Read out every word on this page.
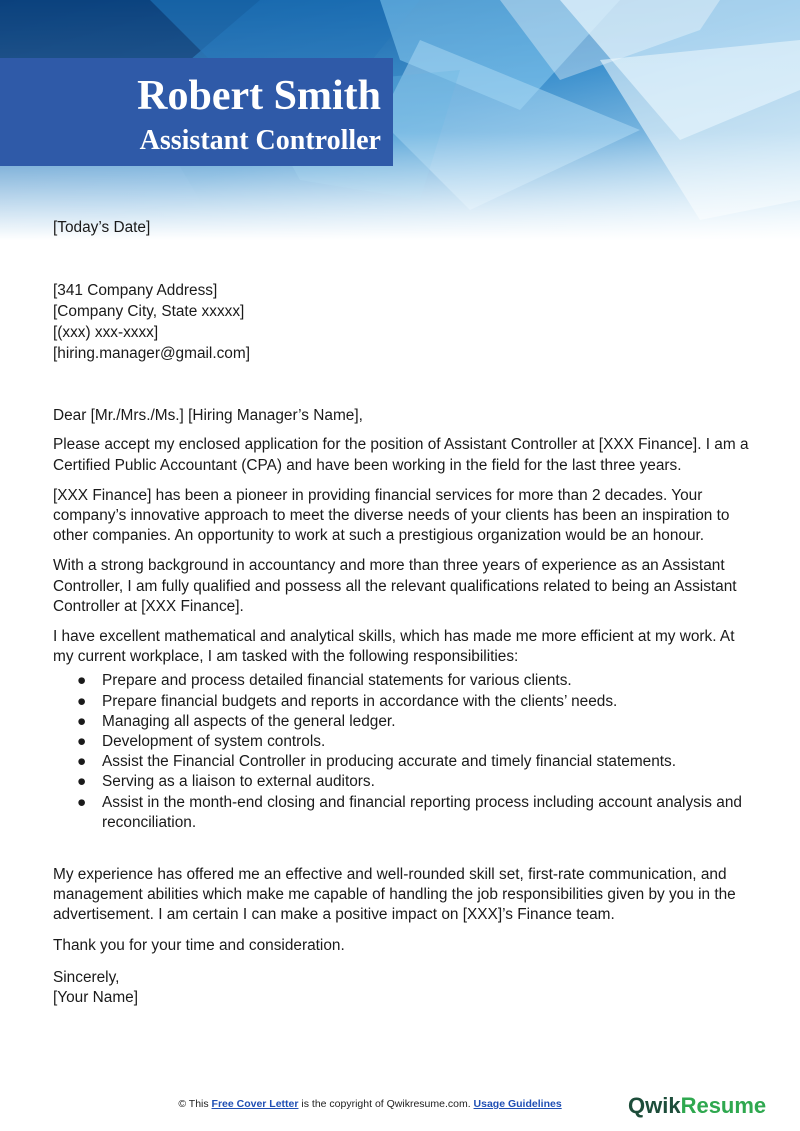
Robert Smith
Assistant Controller

[Today’s Date]

[341 Company Address]
[Company City, State xxxxx]
[(xxx) xxx-xxxx]
[hiring.manager@gmail.com]

Dear [Mr./Mrs./Ms.] [Hiring Manager’s Name],

Please accept my enclosed application for the position of Assistant Controller at [XXX Finance]. I am a Certified Public Accountant (CPA) and have been working in the field for the last three years.

[XXX Finance] has been a pioneer in providing financial services for more than 2 decades. Your company’s innovative approach to meet the diverse needs of your clients has been an inspiration to other companies. An opportunity to work at such a prestigious organization would be an honour.

With a strong background in accountancy and more than three years of experience as an Assistant Controller, I am fully qualified and possess all the relevant qualifications related to being an Assistant Controller at [XXX Finance].

I have excellent mathematical and analytical skills, which has made me more efficient at my work. At my current workplace, I am tasked with the following responsibilities:

● Prepare and process detailed financial statements for various clients.
● Prepare financial budgets and reports in accordance with the clients’ needs.
● Managing all aspects of the general ledger.
● Development of system controls.
● Assist the Financial Controller in producing accurate and timely financial statements.
● Serving as a liaison to external auditors.
● Assist in the month-end closing and financial reporting process including account analysis and reconciliation.

My experience has offered me an effective and well-rounded skill set, first-rate communication, and management abilities which make me capable of handling the job responsibilities given by you in the advertisement. I am certain I can make a positive impact on [XXX]’s Finance team.

Thank you for your time and consideration.

Sincerely,

[Your Name]

© This Free Cover Letter is the copyright of Qwikresume.com. Usage Guidelines	QwikResume
